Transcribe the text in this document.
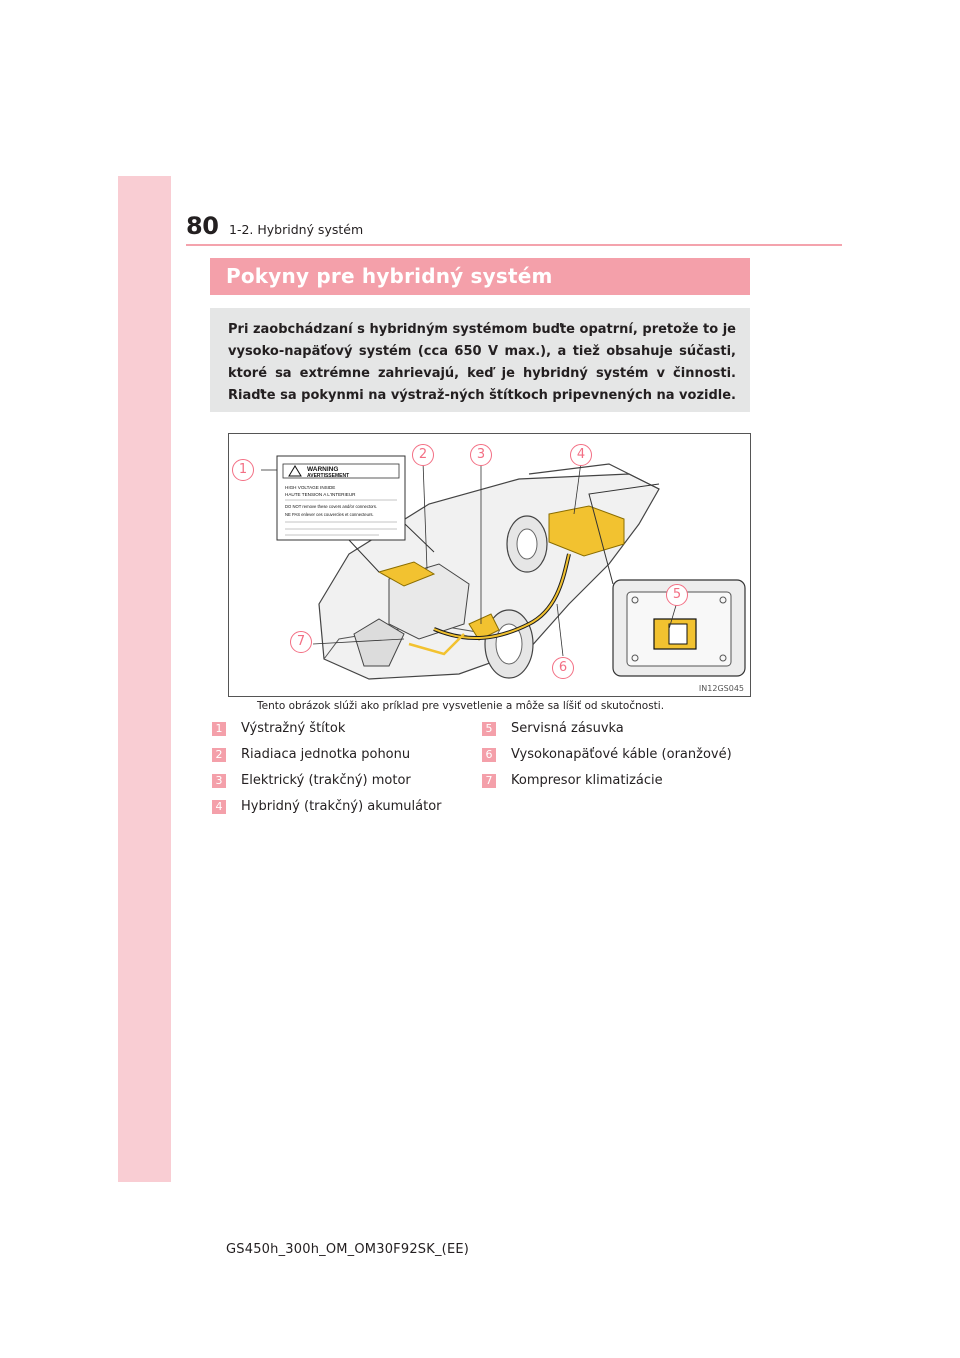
80 1-2. Hybridný systém
Pokyny pre hybridný systém
Pri zaobchádzaní s hybridným systémom buďte opatrní, pretože to je vysoko-napäťový systém (cca 650 V max.), a tiež obsahuje súčasti, ktoré sa extrémne zahrievajú, keď je hybridný systém v činnosti. Riaďte sa pokynmi na výstraž-ných štítkoch pripevnených na vozidle.
WARNING
AVERTISSEMENT
HIGH VOLTAGE INSIDE
HAUTE TENSION A L'INTERIEUR
DO NOT remove these covers and/or connectors.
NE PAS enlever ces couvercles et connecteurs.
1
2	3	4
5
6
7
IN12GS045
Tento obrázok slúži ako príklad pre vysvetlenie a môže sa líšiť od skutočnosti.
1 Výstražný štítok
2 Riadiaca jednotka pohonu
3 Elektrický (trakčný) motor
4 Hybridný (trakčný) akumulátor
5 Servisná zásuvka
6 Vysokonapäťové káble (oranžové)
7 Kompresor klimatizácie
GS450h_300h_OM_OM30F92SK_(EE)
